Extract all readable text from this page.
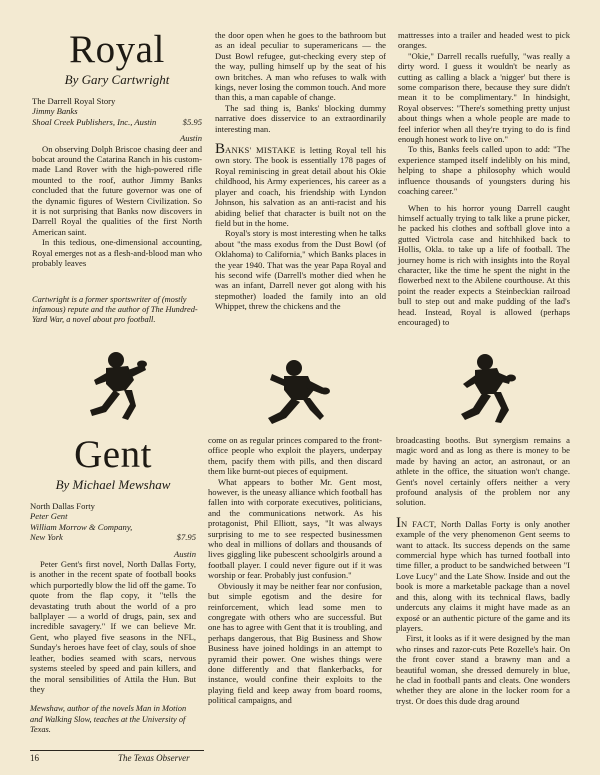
Royal
By Gary Cartwright
The Darrell Royal Story
Jimmy Banks
Shoal Creek Publishers, Inc., Austin	$5.95
Austin

On observing Dolph Briscoe chasing deer and bobcat around the Catarina Ranch in his custom-made Land Rover with the high-powered rifle mounted to the roof, author Jimmy Banks concluded that the future governor was one of the dynamic figures of Western Civilization. So it is not surprising that Banks now discovers in Darrell Royal the qualities of the first North American saint.

In this tedious, one-dimensional accounting, Royal emerges not as a flesh-and-blood man who probably leaves

Cartwright is a former sportswriter of (mostly infamous) repute and the author of The Hundred-Yard War, a novel about pro football.

the door open when he goes to the bathroom but as an ideal peculiar to superamericans — the Dust Bowl refugee, gut-checking every step of the way, pulling himself up by the seat of his own britches. A man who refuses to walk with kings, never losing the common touch. And more than this, a man capable of change.

The sad thing is, Banks' blocking dummy narrative does disservice to an extraordinarily interesting man.

BANKS' MISTAKE is letting Royal tell his own story. The book is essentially 178 pages of Royal reminiscing in great detail about his Okie childhood, his Army experiences, his career as a player and coach, his friendship with Lyndon Johnson, his salvation as an anti-racist and his abiding belief that character is built not on the field but in the home.

Royal's story is most interesting when he talks about "the mass exodus from the Dust Bowl (of Oklahoma) to California," which Banks places in the year 1940. That was the year Papa Royal and his second wife (Darrell's mother died when he was an infant, Darrell never got along with his stepmother) loaded the family into an old Whippet, threw the chickens and the

mattresses into a trailer and headed west to pick oranges.

"Okie," Darrell recalls ruefully, "was really a dirty word. I guess it wouldn't be nearly as cutting as calling a black a 'nigger' but there is some comparison there, because they sure didn't mean it to be complimentary." In hindsight, Royal observes: "There's something pretty unjust about things when a whole people are made to feel inferior when all they're trying to do is find enough honest work to live on."

To this, Banks feels called upon to add: "The experience stamped itself indelibly on his mind, helping to shape a philosophy which would influence thousands of youngsters during his coaching career."

When to his horror young Darrell caught himself actually trying to talk like a prune picker, he packed his clothes and softball glove into a gutted Victrola case and hitchhiked back to Hollis, Okla. to take up a life of football. The journey home is rich with insights into the Royal character, like the time he spent the night in the flowerbed next to the Abilene courthouse. At this point the reader expects a Steinbeckian railroad bull to step out and make pudding of the lad's head. Instead, Royal is allowed (perhaps encouraged) to

Gent
By Michael Mewshaw
North Dallas Forty
Peter Gent
William Morrow & Company,
New York	$7.95
Austin

Peter Gent's first novel, North Dallas Forty, is another in the recent spate of football books which purportedly blow the lid off the game. To quote from the flap copy, it "tells the devastating truth about the world of a pro ballplayer — a world of drugs, pain, sex and incredible savagery." If we can believe Mr. Gent, who played five seasons in the NFL, Sunday's heroes have feet of clay, souls of shoe leather, bodies seamed with scars, nervous systems steeled by speed and pain killers, and the moral sensibilities of Attila the Hun. But they

Mewshaw, author of the novels Man in Motion and Walking Slow, teaches at the University of Texas.

come on as regular princes compared to the front-office people who exploit the players, underpay them, pacify them with pills, and then discard them like burnt-out pieces of equipment.

What appears to bother Mr. Gent most, however, is the uneasy alliance which football has fallen into with corporate executives, politicians, and the communications network. As his protagonist, Phil Elliott, says, "It was always surprising to me to see respected businessmen who deal in millions of dollars and thousands of lives giggling like pubescent schoolgirls around a football player. I could never figure out if it was worship or fear. Probably just confusion."

Obviously it may be neither fear nor confusion, but simple egotism and the desire for reinforcement, which lead some men to congregate with others who are successful. But one has to agree with Gent that it is troubling, and perhaps dangerous, that Big Business and Show Business have joined holdings in an attempt to pyramid their power. One wishes things were done differently and that flankerbacks, for instance, would confine their exploits to the playing field and keep away from board rooms, political campaigns, and

broadcasting booths. But synergism remains a magic word and as long as there is money to be made by having an actor, an astronaut, or an athlete in the office, the situation won't change. Gent's novel certainly offers neither a very profound analysis of the problem nor any solution.

IN FACT, North Dallas Forty is only another example of the very phenomenon Gent seems to want to attack. Its success depends on the same commercial hype which has turned football into time filler, a product to be sandwiched between "I Love Lucy" and the Late Show. Inside and out the book is more a marketable package than a novel and this, along with its technical flaws, badly undercuts any claims it might have made as an exposé or an authentic picture of the game and its players.

First, it looks as if it were designed by the man who rinses and razor-cuts Pete Rozelle's hair. On the front cover stand a brawny man and a beautiful woman, she dressed demurely in blue, he clad in football pants and cleats. One wonders whether they are alone in the locker room for a tryst. Or does this dude drag around

16	The Texas Observer
